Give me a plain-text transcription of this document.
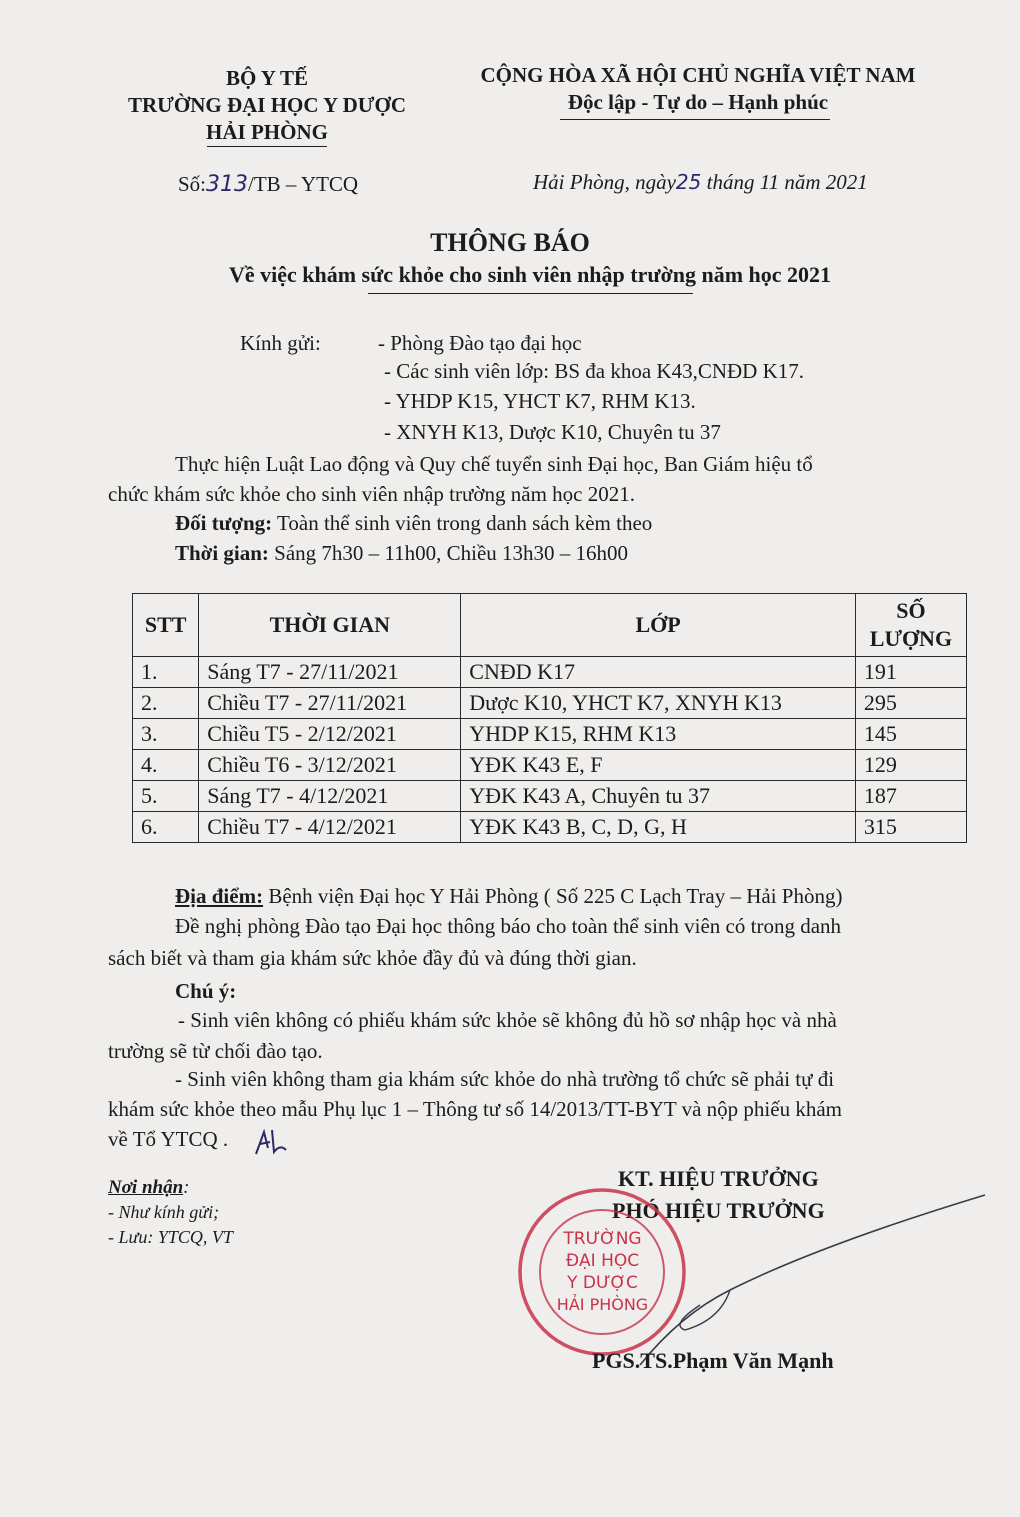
BỘ Y TẾ
TRƯỜNG ĐẠI HỌC Y DƯỢC
HẢI PHÒNG
CỘNG HÒA XÃ HỘI CHỦ NGHĨA VIỆT NAM
Độc lập - Tự do – Hạnh phúc
Số:313/TB – YTCQ	Hải Phòng, ngày25 tháng 11 năm 2021
THÔNG BÁO
Về việc khám sức khỏe cho sinh viên nhập trường năm học 2021
Kính gửi:	- Phòng Đào tạo đại học
- Các sinh viên lớp: BS đa khoa K43,CNĐD K17.
- YHDP K15, YHCT K7, RHM K13.
- XNYH K13, Dược K10, Chuyên tu 37
Thực hiện Luật Lao động và Quy chế tuyển sinh Đại học, Ban Giám hiệu tổ
chức khám sức khỏe cho sinh viên nhập trường năm học 2021.
Đối tượng: Toàn thể sinh viên trong danh sách kèm theo
Thời gian: Sáng 7h30 – 11h00, Chiều 13h30 – 16h00
STT	THỜI GIAN	LỚP	SỐ LƯỢNG
1.	Sáng T7 - 27/11/2021	CNĐD K17	191
2.	Chiều T7 - 27/11/2021	Dược K10, YHCT K7, XNYH K13	295
3.	Chiều T5 - 2/12/2021	YHDP K15, RHM K13	145
4.	Chiều T6 - 3/12/2021	YĐK K43 E, F	129
5.	Sáng T7 - 4/12/2021	YĐK K43 A, Chuyên tu 37	187
6.	Chiều T7 - 4/12/2021	YĐK K43 B, C, D, G, H	315
Địa điểm: Bệnh viện Đại học Y Hải Phòng ( Số 225 C Lạch Tray – Hải Phòng)
Đề nghị phòng Đào tạo Đại học thông báo cho toàn thể sinh viên có trong danh
sách biết và tham gia khám sức khỏe đầy đủ và đúng thời gian.
Chú ý:
- Sinh viên không có phiếu khám sức khỏe sẽ không đủ hồ sơ nhập học và nhà
trường sẽ từ chối đào tạo.
- Sinh viên không tham gia khám sức khỏe do nhà trường tổ chức sẽ phải tự đi
khám sức khỏe theo mẫu Phụ lục 1 – Thông tư số 14/2013/TT-BYT và nộp phiếu khám
về Tổ YTCQ .
Nơi nhận:
- Như kính gửi;
- Lưu: YTCQ, VT
KT. HIỆU TRƯỞNG
PHÓ HIỆU TRƯỞNG
TRƯỜNG
ĐẠI HỌC
Y DƯỢC
HẢI PHÒNG
PGS.TS.Phạm Văn Mạnh
